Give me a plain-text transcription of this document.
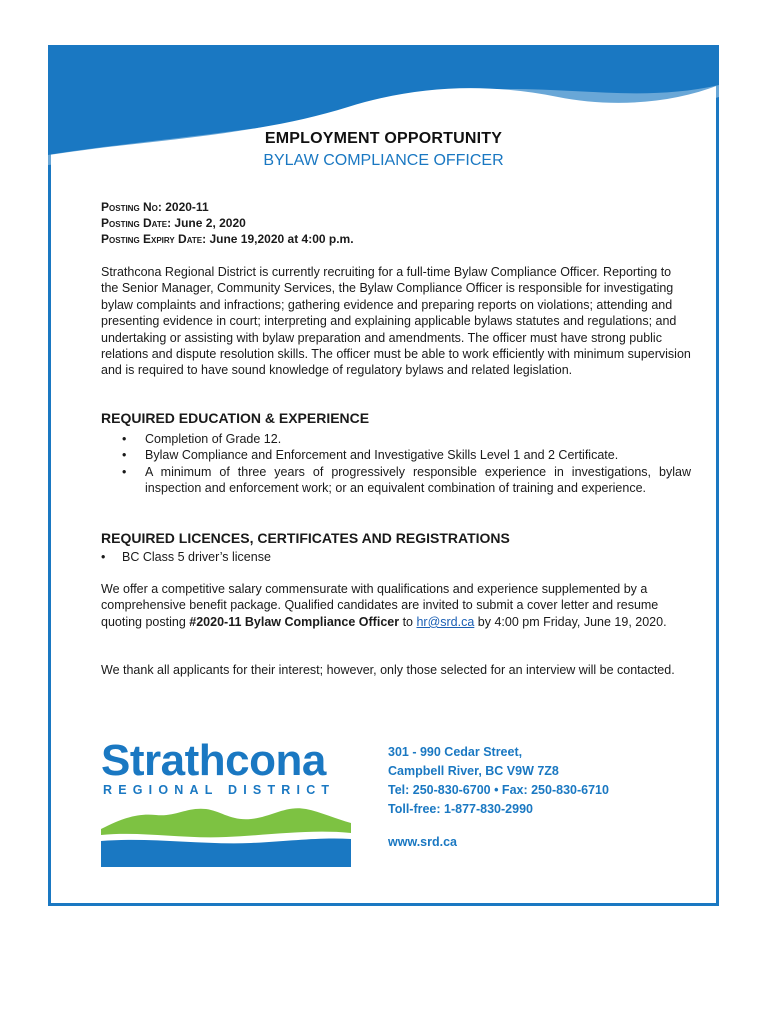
EMPLOYMENT OPPORTUNITY
BYLAW COMPLIANCE OFFICER
Posting No: 2020-11
Posting Date: June 2, 2020
Posting Expiry Date: June 19,2020 at 4:00 p.m.
Strathcona Regional District is currently recruiting for a full-time Bylaw Compliance Officer. Reporting to the Senior Manager, Community Services, the Bylaw Compliance Officer is responsible for investigating bylaw complaints and infractions; gathering evidence and preparing reports on violations; attending and presenting evidence in court; interpreting and explaining applicable bylaws statutes and regulations; and undertaking or assisting with bylaw preparation and amendments. The officer must have strong public relations and dispute resolution skills. The officer must be able to work efficiently with minimum supervision and is required to have sound knowledge of regulatory bylaws and related legislation.
REQUIRED EDUCATION & EXPERIENCE
• Completion of Grade 12.
• Bylaw Compliance and Enforcement and Investigative Skills Level 1 and 2 Certificate.
• A minimum of three years of progressively responsible experience in investigations, bylaw inspection and enforcement work; or an equivalent combination of training and experience.
REQUIRED LICENCES, CERTIFICATES AND REGISTRATIONS
• BC Class 5 driver’s license
We offer a competitive salary commensurate with qualifications and experience supplemented by a comprehensive benefit package. Qualified candidates are invited to submit a cover letter and resume quoting posting #2020-11 Bylaw Compliance Officer to hr@srd.ca by 4:00 pm Friday, June 19, 2020.
We thank all applicants for their interest; however, only those selected for an interview will be contacted.
Strathcona
REGIONAL DISTRICT
301 - 990 Cedar Street,
Campbell River, BC V9W 7Z8
Tel: 250-830-6700 • Fax: 250-830-6710
Toll-free: 1-877-830-2990
www.srd.ca
